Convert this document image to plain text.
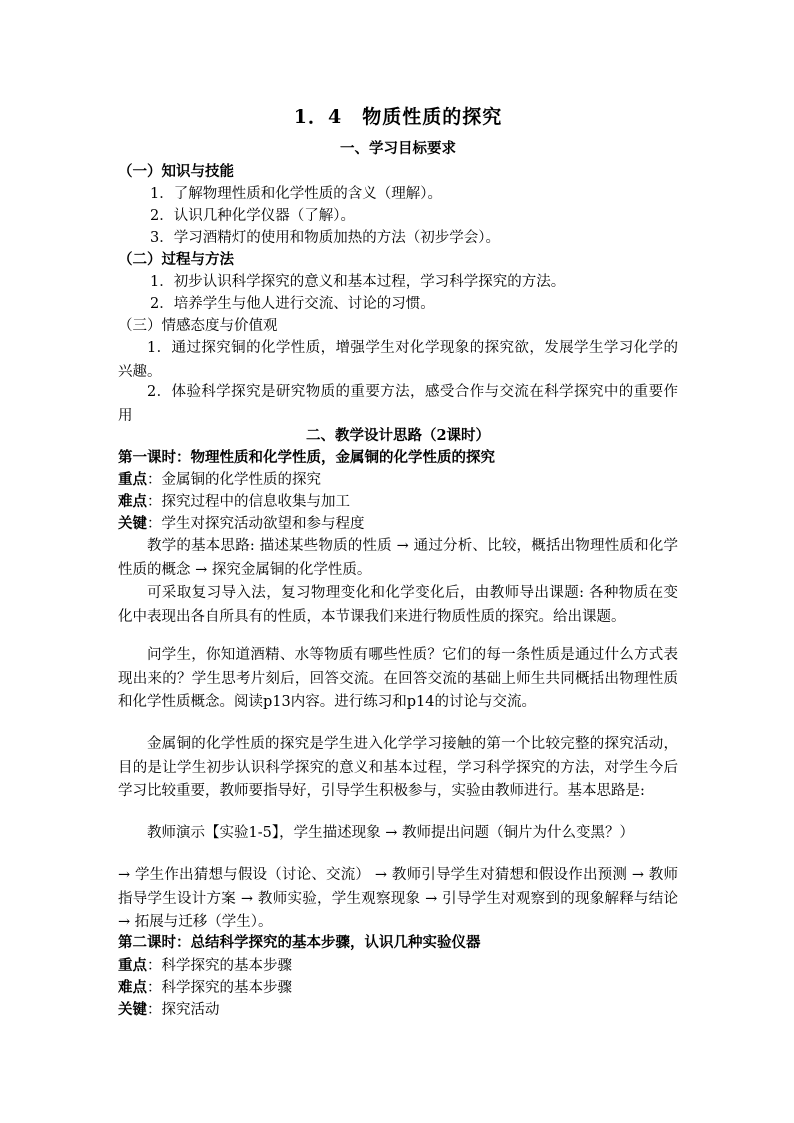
1．4　物质性质的探究
一、学习目标要求
（一）知识与技能
1．了解物理性质和化学性质的含义（理解）。
2．认识几种化学仪器（了解）。
3．学习酒精灯的使用和物质加热的方法（初步学会）。
（二）过程与方法
1．初步认识科学探究的意义和基本过程，学习科学探究的方法。
2．培养学生与他人进行交流、讨论的习惯。
（三）情感态度与价值观
1．通过探究铜的化学性质，增强学生对化学现象的探究欲，发展学生学习化学的兴趣。
2．体验科学探究是研究物质的重要方法，感受合作与交流在科学探究中的重要作用
二、教学设计思路（2课时）
第一课时：物理性质和化学性质，金属铜的化学性质的探究
重点：金属铜的化学性质的探究
难点：探究过程中的信息收集与加工
关键：学生对探究活动欲望和参与程度
教学的基本思路: 描述某些物质的性质 → 通过分析、比较，概括出物理性质和化学性质的概念 → 探究金属铜的化学性质。
可采取复习导入法，复习物理变化和化学变化后，由教师导出课题: 各种物质在变化中表现出各自所具有的性质，本节课我们来进行物质性质的探究。给出课题。
问学生，你知道酒精、水等物质有哪些性质？它们的每一条性质是通过什么方式表现出来的？学生思考片刻后，回答交流。在回答交流的基础上师生共同概括出物理性质和化学性质概念。阅读p13内容。进行练习和p14的讨论与交流。
金属铜的化学性质的探究是学生进入化学学习接触的第一个比较完整的探究活动，目的是让学生初步认识科学探究的意义和基本过程，学习科学探究的方法，对学生今后学习比较重要，教师要指导好，引导学生积极参与，实验由教师进行。基本思路是:
教师演示【实验1-5】，学生描述现象 → 教师提出问题（铜片为什么变黑？）
→ 学生作出猜想与假设（讨论、交流） → 教师引导学生对猜想和假设作出预测 → 教师指导学生设计方案 → 教师实验，学生观察现象 → 引导学生对观察到的现象解释与结论 → 拓展与迁移（学生）。
第二课时：总结科学探究的基本步骤，认识几种实验仪器
重点：科学探究的基本步骤
难点：科学探究的基本步骤
关键：探究活动
